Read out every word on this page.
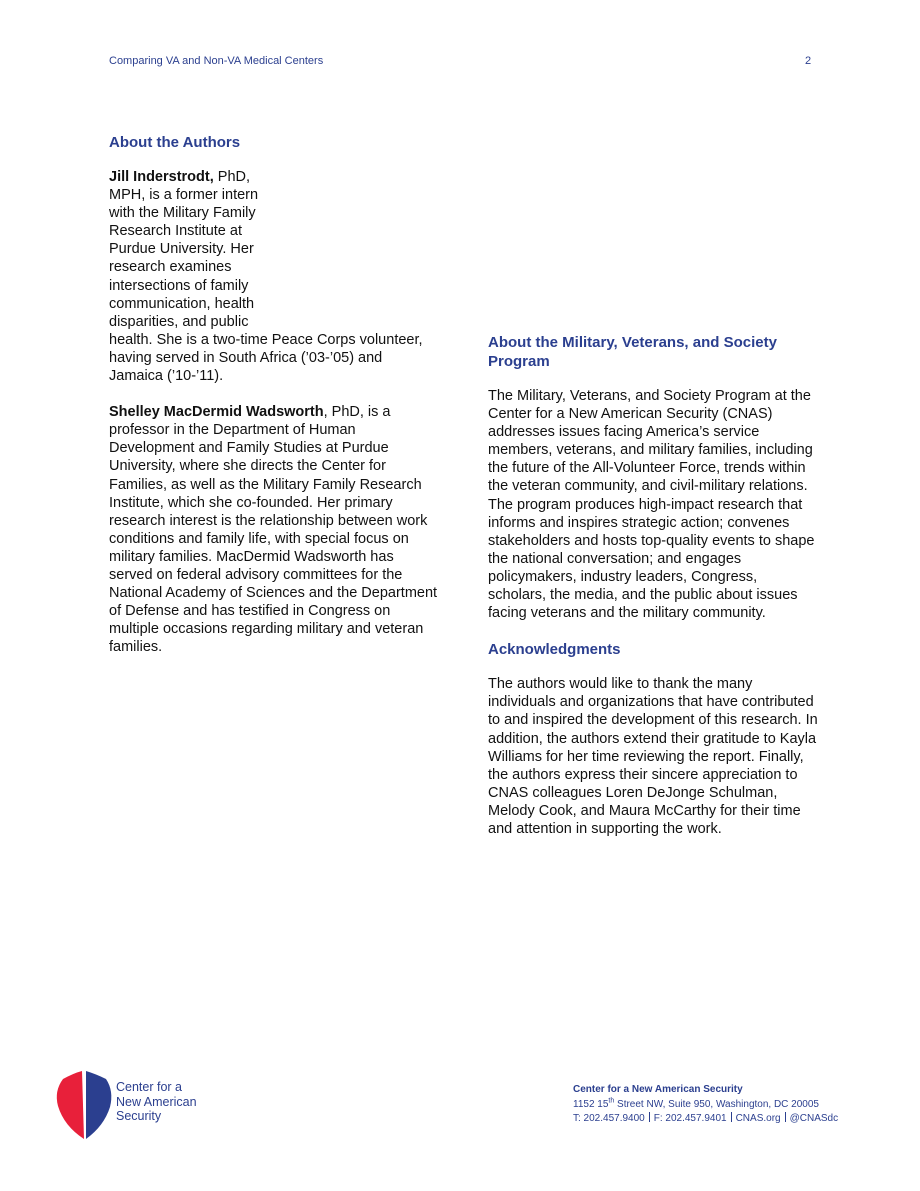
Comparing VA and Non-VA Medical Centers	2
About the Authors

Jill Inderstrodt, PhD,
MPH, is a former intern
with the Military Family
Research Institute at
Purdue University. Her
research examines
intersections of family
communication, health
disparities, and public
health. She is a two-time Peace Corps volunteer, having served in South Africa (’03-’05) and Jamaica (’10-’11).

Shelley MacDermid Wadsworth, PhD, is a professor in the Department of Human Development and Family Studies at Purdue University, where she directs the Center for Families, as well as the Military Family Research Institute, which she co-founded. Her primary research interest is the relationship between work conditions and family life, with special focus on military families. MacDermid Wadsworth has served on federal advisory committees for the National Academy of Sciences and the Department of Defense and has testified in Congress on multiple occasions regarding military and veteran families.

About the Military, Veterans, and Society Program

The Military, Veterans, and Society Program at the Center for a New American Security (CNAS) addresses issues facing America’s service members, veterans, and military families, including the future of the All-Volunteer Force, trends within the veteran community, and civil-military relations. The program produces high-impact research that informs and inspires strategic action; convenes stakeholders and hosts top-quality events to shape the national conversation; and engages policymakers, industry leaders, Congress, scholars, the media, and the public about issues facing veterans and the military community.

Acknowledgments

The authors would like to thank the many individuals and organizations that have contributed to and inspired the development of this research. In addition, the authors extend their gratitude to Kayla Williams for her time reviewing the report. Finally, the authors express their sincere appreciation to CNAS colleagues Loren DeJonge Schulman, Melody Cook, and Maura McCarthy for their time and attention in supporting the work.

Center for a
New American
Security
Center for a New American Security
1152 15th Street NW, Suite 950, Washington, DC 20005
T: 202.457.9400 F: 202.457.9401 CNAS.org @CNASdc
